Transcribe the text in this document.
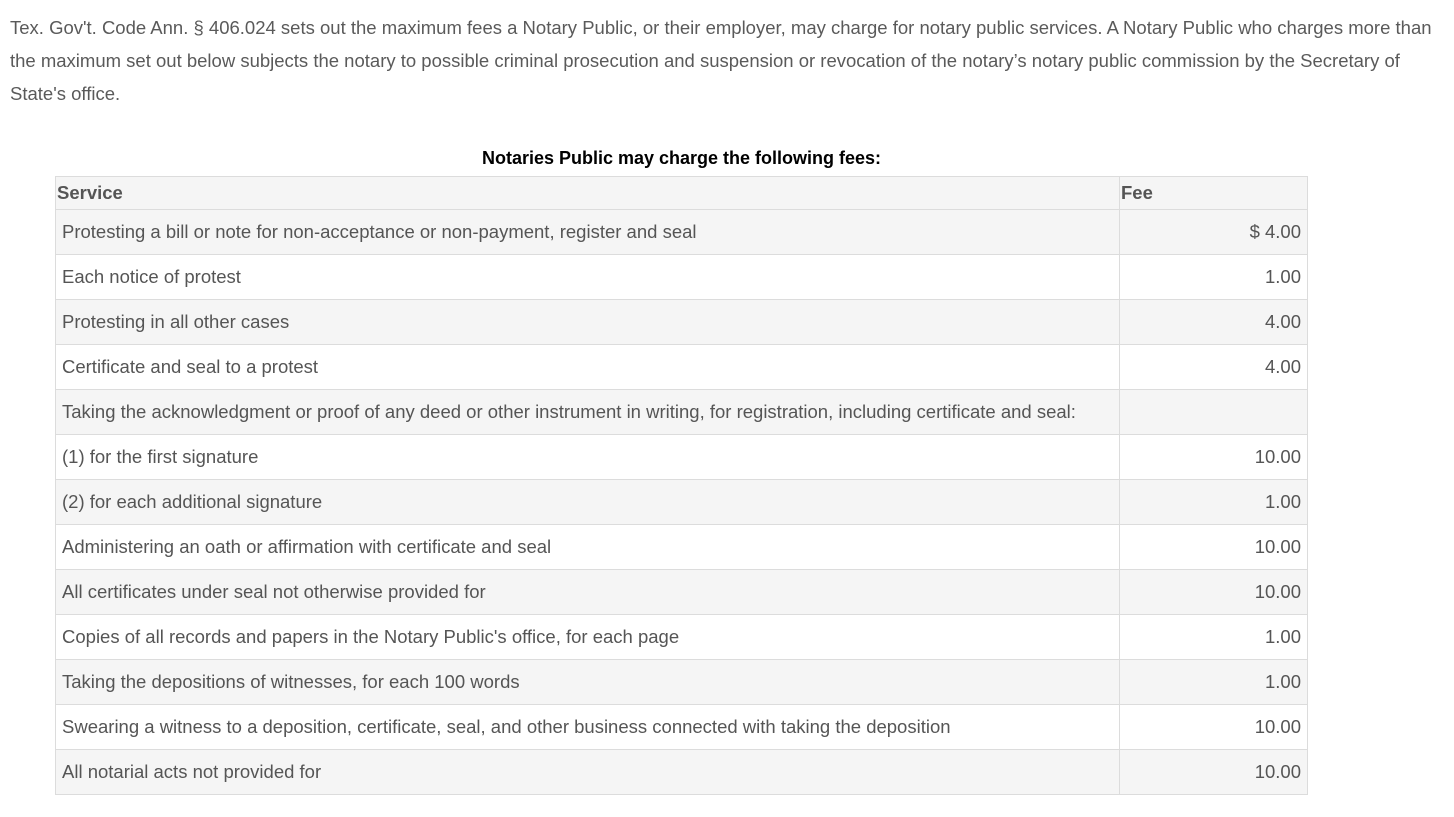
Tex. Gov't. Code Ann. § 406.024 sets out the maximum fees a Notary Public, or their employer, may charge for notary public services. A Notary Public who charges more than the maximum set out below subjects the notary to possible criminal prosecution and suspension or revocation of the notary’s notary public commission by the Secretary of State's office.

Notaries Public may charge the following fees:
Service	Fee
Protesting a bill or note for non-acceptance or non-payment, register and seal	$ 4.00
Each notice of protest	1.00
Protesting in all other cases	4.00
Certificate and seal to a protest	4.00
Taking the acknowledgment or proof of any deed or other instrument in writing, for registration, including certificate and seal:	
(1) for the first signature	10.00
(2) for each additional signature	1.00
Administering an oath or affirmation with certificate and seal	10.00
All certificates under seal not otherwise provided for	10.00
Copies of all records and papers in the Notary Public's office, for each page	1.00
Taking the depositions of witnesses, for each 100 words	1.00
Swearing a witness to a deposition, certificate, seal, and other business connected with taking the deposition	10.00
All notarial acts not provided for	10.00
